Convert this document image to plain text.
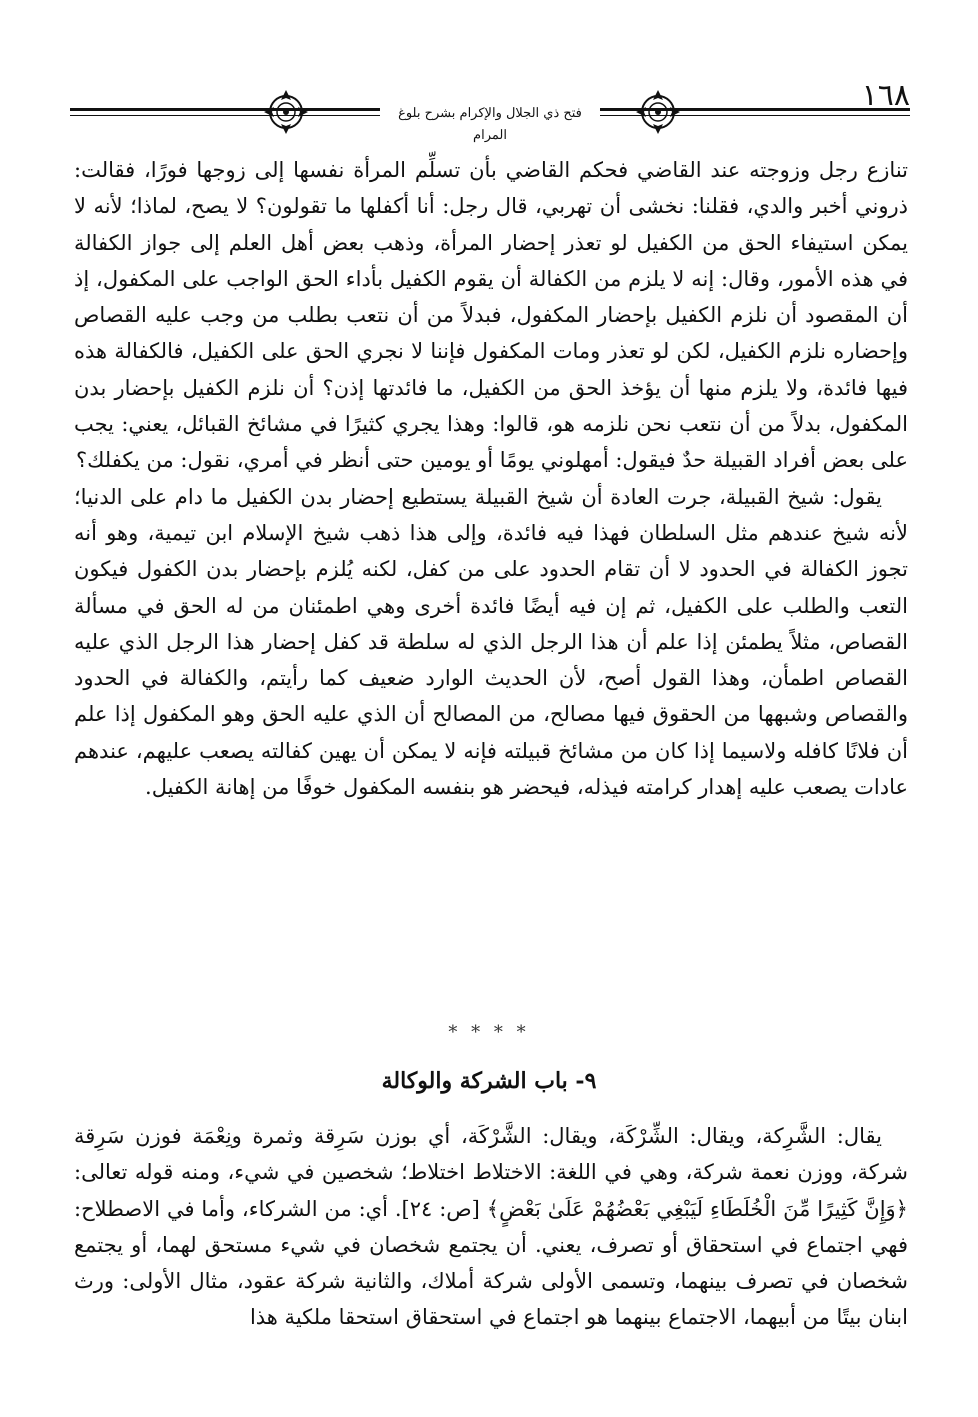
فتح ذي الجلال والإكرام بشرح بلوغ المرام
١٦٨

تنازع رجل وزوجته عند القاضي فحكم القاضي بأن تسلِّم المرأة نفسها إلى زوجها فورًا، فقالت: ذروني أخبر والدي، فقلنا: نخشى أن تهربي، قال رجل: أنا أكفلها ما تقولون؟ لا يصح، لماذا؛ لأنه لا يمكن استيفاء الحق من الكفيل لو تعذر إحضار المرأة، وذهب بعض أهل العلم إلى جواز الكفالة في هذه الأمور، وقال: إنه لا يلزم من الكفالة أن يقوم الكفيل بأداء الحق الواجب على المكفول، إذ أن المقصود أن نلزم الكفيل بإحضار المكفول، فبدلاً من أن نتعب بطلب من وجب عليه القصاص وإحضاره نلزم الكفيل، لكن لو تعذر ومات المكفول فإننا لا نجري الحق على الكفيل، فالكفالة هذه فيها فائدة، ولا يلزم منها أن يؤخذ الحق من الكفيل، ما فائدتها إذن؟ أن نلزم الكفيل بإحضار بدن المكفول، بدلاً من أن نتعب نحن نلزمه هو، قالوا: وهذا يجري كثيرًا في مشائخ القبائل، يعني: يجب على بعض أفراد القبيلة حدٌ فيقول: أمهلوني يومًا أو يومين حتى أنظر في أمري، نقول: من يكفلك؟

يقول: شيخ القبيلة، جرت العادة أن شيخ القبيلة يستطيع إحضار بدن الكفيل ما دام على الدنيا؛ لأنه شيخ عندهم مثل السلطان فهذا فيه فائدة، وإلى هذا ذهب شيخ الإسلام ابن تيمية، وهو أنه تجوز الكفالة في الحدود لا أن تقام الحدود على من كفل، لكنه يُلزم بإحضار بدن الكفول فيكون التعب والطلب على الكفيل، ثم إن فيه أيضًا فائدة أخرى وهي اطمئنان من له الحق في مسألة القصاص، مثلاً يطمئن إذا علم أن هذا الرجل الذي له سلطة قد كفل إحضار هذا الرجل الذي عليه القصاص اطمأن، وهذا القول أصح، لأن الحديث الوارد ضعيف كما رأيتم، والكفالة في الحدود والقصاص وشبهها من الحقوق فيها مصالح، من المصالح أن الذي عليه الحق وهو المكفول إذا علم أن فلانًا كافله ولاسيما إذا كان من مشائخ قبيلته فإنه لا يمكن أن يهين كفالته يصعب عليهم، عندهم عادات يصعب عليه إهدار كرامته فيذله، فيحضر هو بنفسه المكفول خوفًا من إهانة الكفيل.

* * * *
٩- باب الشركة والوكالة

يقال: الشَّرِكة، ويقال: الشِّرْكَة، ويقال: الشَّرْكَة، أي بوزن سَرِقة وثمرة ونِعْمَة فوزن سَرِقة شركة، ووزن نعمة شركة، وهي في اللغة: الاختلاط اختلاط؛ شخصين في شيء، ومنه قوله تعالى: ﴿وَإِنَّ كَثِيرًا مِّنَ الْخُلَطَاءِ لَيَبْغِي بَعْضُهُمْ عَلَىٰ بَعْضٍ﴾ [ص: ٢٤]. أي: من الشركاء، وأما في الاصطلاح: فهي اجتماع في استحقاق أو تصرف، يعني. أن يجتمع شخصان في شيء مستحق لهما، أو يجتمع شخصان في تصرف بينهما، وتسمى الأولى شركة أملاك، والثانية شركة عقود، مثال الأولى: ورث ابنان بيتًا من أبيهما، الاجتماع بينهما هو اجتماع في استحقاق استحقا ملكية هذا
